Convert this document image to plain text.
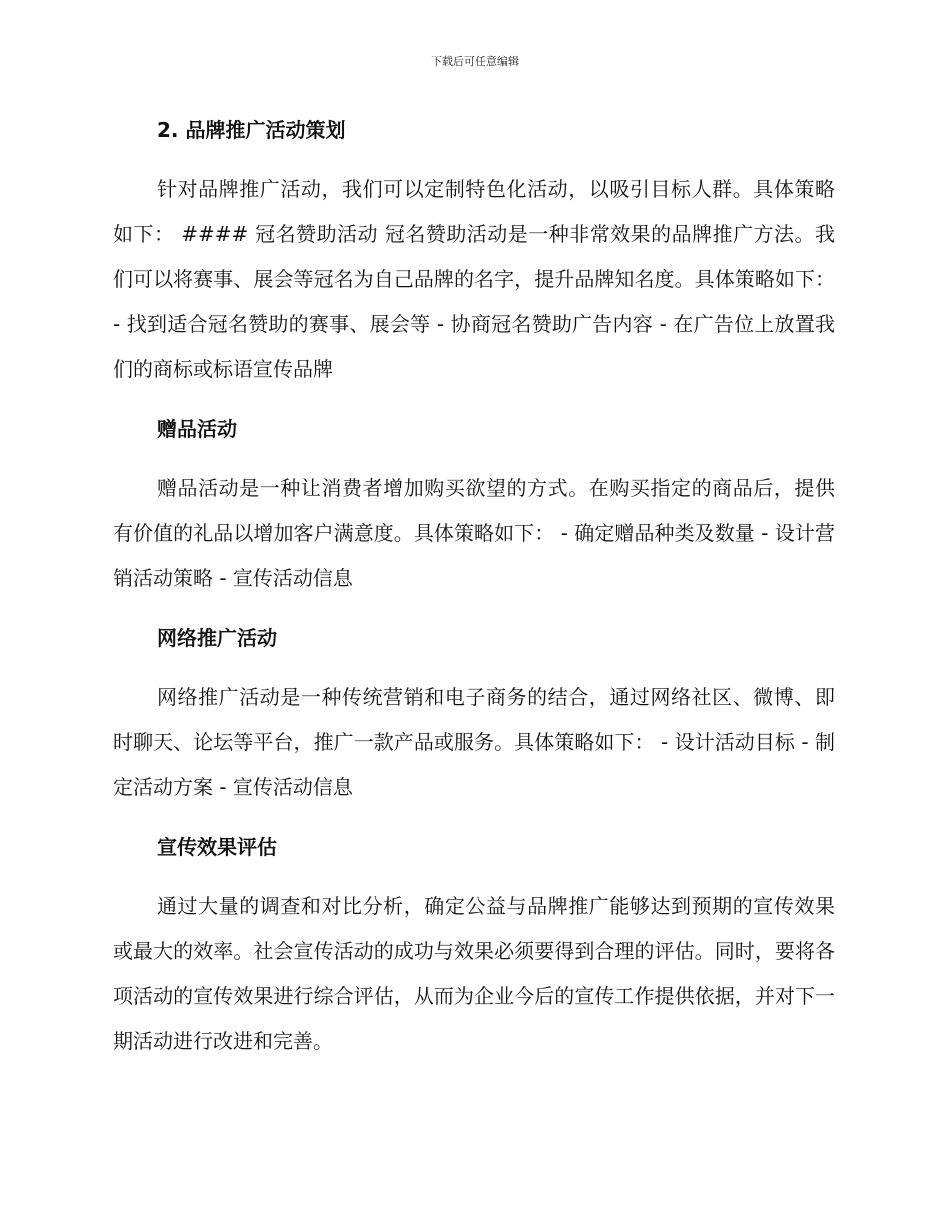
下载后可任意编辑
2. 品牌推广活动策划

针对品牌推广活动，我们可以定制特色化活动，以吸引目标人群。具体策略如下： #### 冠名赞助活动 冠名赞助活动是一种非常效果的品牌推广方法。我们可以将赛事、展会等冠名为自己品牌的名字，提升品牌知名度。具体策略如下： - 找到适合冠名赞助的赛事、展会等 - 协商冠名赞助广告内容 - 在广告位上放置我们的商标或标语宣传品牌

赠品活动

赠品活动是一种让消费者增加购买欲望的方式。在购买指定的商品后，提供有价值的礼品以增加客户满意度。具体策略如下： - 确定赠品种类及数量 - 设计营销活动策略 - 宣传活动信息

网络推广活动

网络推广活动是一种传统营销和电子商务的结合，通过网络社区、微博、即时聊天、论坛等平台，推广一款产品或服务。具体策略如下： - 设计活动目标 - 制定活动方案 - 宣传活动信息

宣传效果评估

通过大量的调查和对比分析，确定公益与品牌推广能够达到预期的宣传效果或最大的效率。社会宣传活动的成功与效果必须要得到合理的评估。同时，要将各项活动的宣传效果进行综合评估，从而为企业今后的宣传工作提供依据，并对下一期活动进行改进和完善。
